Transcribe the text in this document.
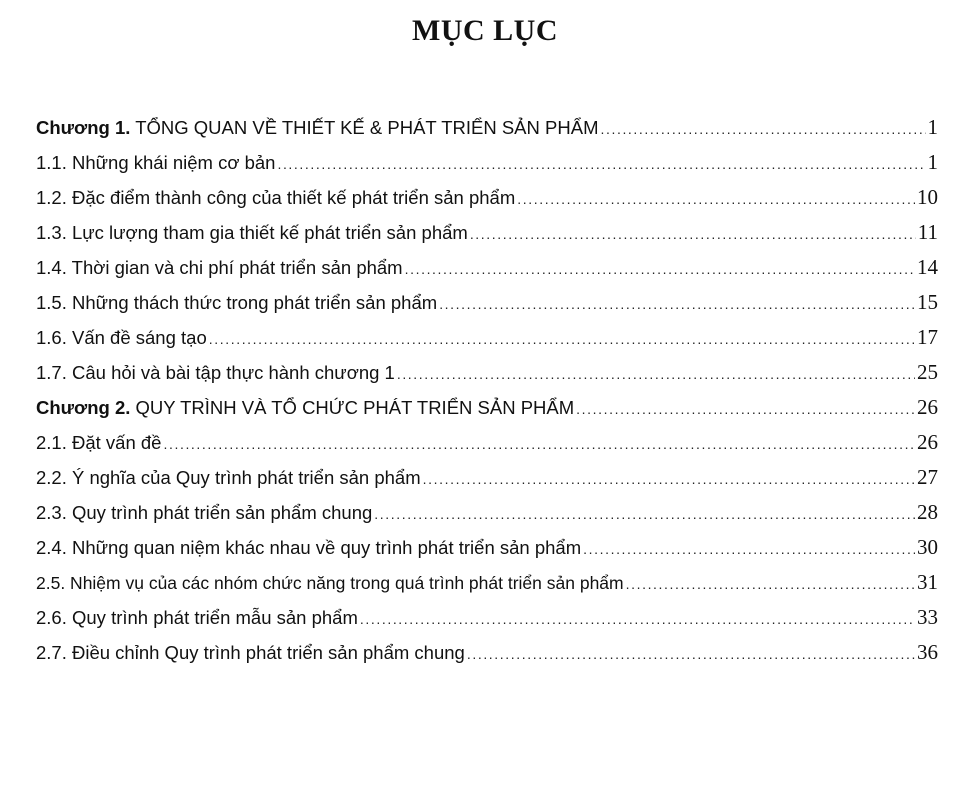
MỤC LỤC
Chương 1. TỔNG QUAN VỀ THIẾT KẾ & PHÁT TRIỂN SẢN PHẨM .....	1
1.1. Những khái niệm cơ bản .....	1
1.2. Đặc điểm thành công của thiết kế phát triển sản phẩm .....	10
1.3. Lực lượng tham gia thiết kế phát triển sản phẩm .....	11
1.4. Thời gian và chi phí phát triển sản phẩm .....	14
1.5. Những thách thức trong phát triển sản phẩm .....	15
1.6. Vấn đề sáng tạo .....	17
1.7. Câu hỏi và bài tập thực hành chương 1 .....	25
Chương 2. QUY TRÌNH VÀ TỔ CHỨC PHÁT TRIỂN SẢN PHẨM .....	26
2.1. Đặt vấn đề .....	26
2.2. Ý nghĩa của Quy trình phát triển sản phẩm .....	27
2.3. Quy trình phát triển sản phẩm chung .....	28
2.4. Những quan niệm khác nhau về quy trình phát triển sản phẩm .....	30
2.5. Nhiệm vụ của các nhóm chức năng trong quá trình phát triển sản phẩm .....	31
2.6. Quy trình phát triển mẫu sản phẩm .....	33
2.7. Điều chỉnh Quy trình phát triển sản phẩm chung .....	36
